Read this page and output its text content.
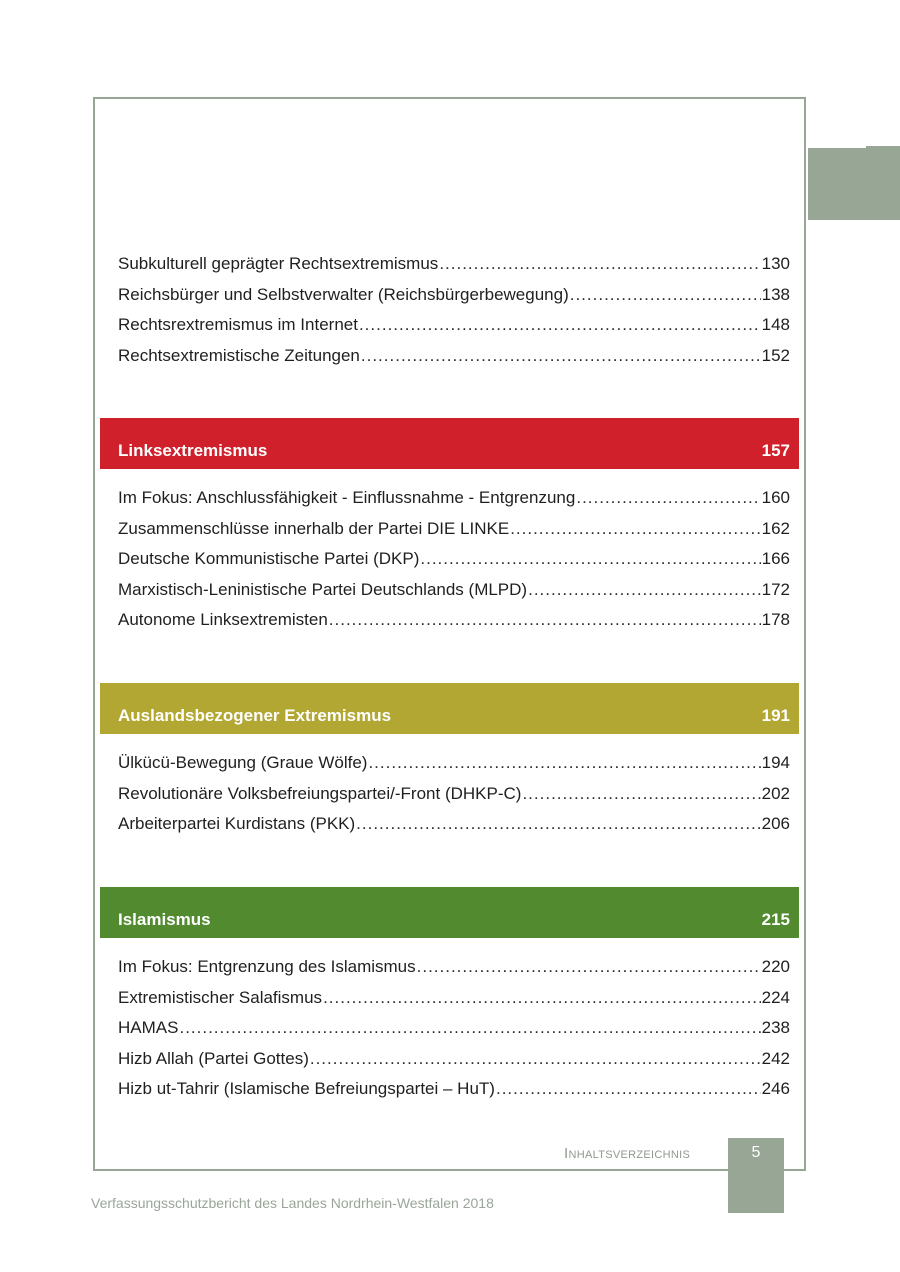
Subkulturell geprägter Rechtsextremismus .....	130
Reichsbürger und Selbstverwalter (Reichsbürgerbewegung) .....	138
Rechtsrextremismus im Internet .....	148
Rechtsextremistische Zeitungen .....	152
Linksextremismus	157
Im Fokus: Anschlussfähigkeit - Einflussnahme - Entgrenzung .....	160
Zusammenschlüsse innerhalb der Partei DIE LINKE .....	162
Deutsche Kommunistische Partei (DKP) .....	166
Marxistisch-Leninistische Partei Deutschlands (MLPD) .....	172
Autonome Linksextremisten .....	178
Auslandsbezogener Extremismus	191
Ülkücü-Bewegung (Graue Wölfe) .....	194
Revolutionäre Volksbefreiungspartei/-Front (DHKP-C) .....	202
Arbeiterpartei Kurdistans (PKK) .....	206
Islamismus	215
Im Fokus: Entgrenzung des Islamismus .....	220
Extremistischer Salafismus .....	224
HAMAS .....	238
Hizb Allah (Partei Gottes) .....	242
Hizb ut-Tahrir (Islamische Befreiungspartei – HuT) .....	246
Inhaltsverzeichnis	5
Verfassungsschutzbericht des Landes Nordrhein-Westfalen 2018
